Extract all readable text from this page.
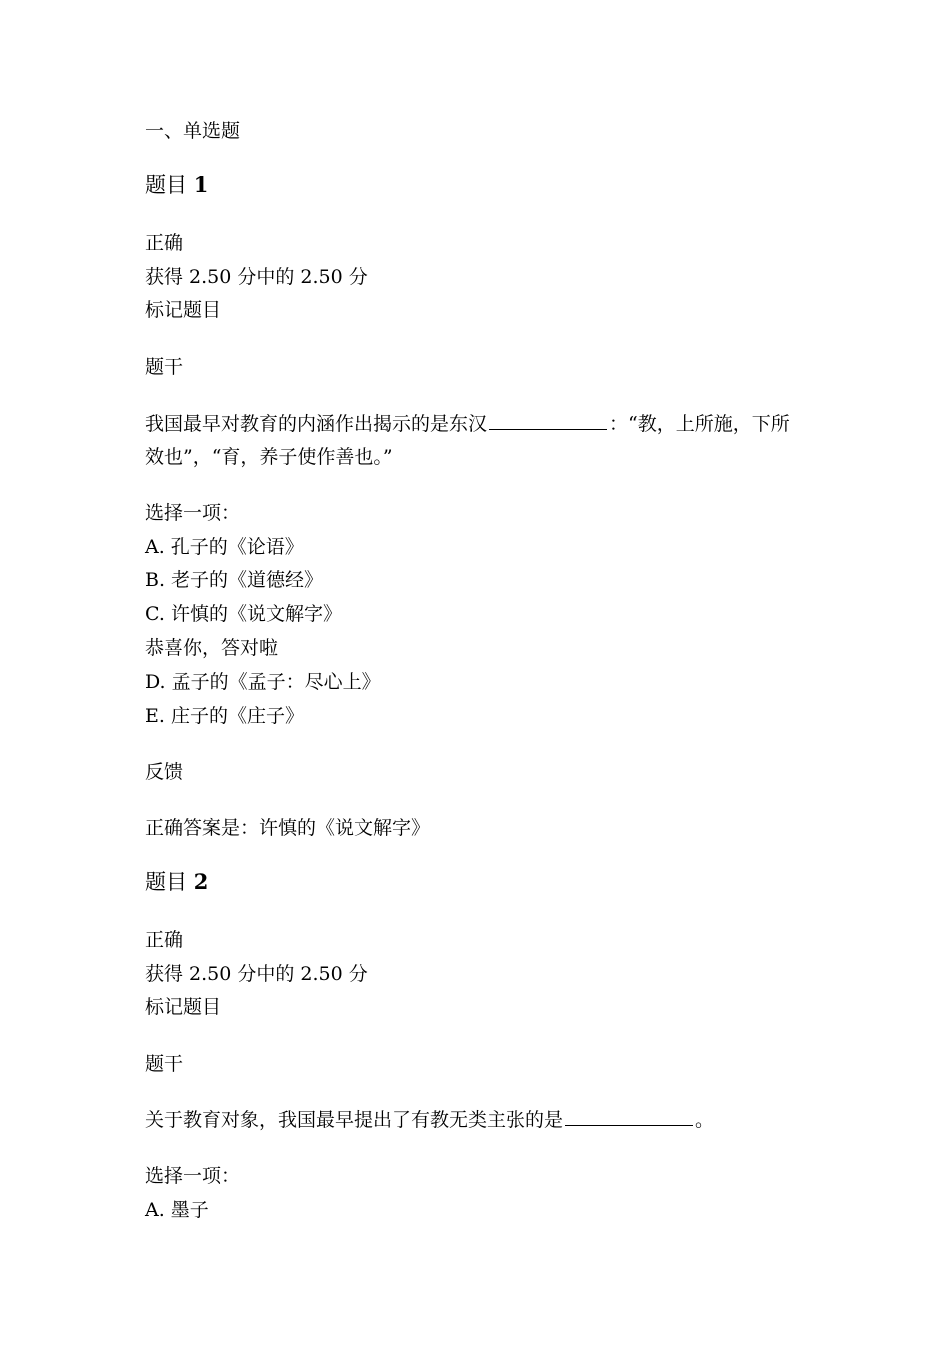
一、单选题
题目 1
正确
获得 2.50 分中的 2.50 分
标记题目
题干
我国最早对教育的内涵作出揭示的是东汉	：“教，上所施，下所
效也”，“育，养子使作善也。”
选择一项：
A. 孔子的《论语》
B. 老子的《道德经》
C. 许慎的《说文解字》
恭喜你，答对啦
D. 孟子的《孟子：尽心上》
E. 庄子的《庄子》
反馈
正确答案是：许慎的《说文解字》
题目 2
正确
获得 2.50 分中的 2.50 分
标记题目
题干
关于教育对象，我国最早提出了有教无类主张的是	。
选择一项：
A. 墨子
